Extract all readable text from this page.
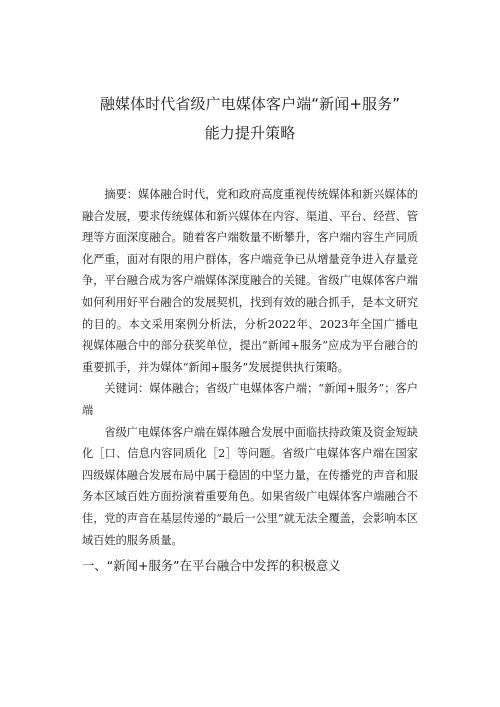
融媒体时代省级广电媒体客户端“新闻+服务”
能力提升策略

摘要：媒体融合时代，党和政府高度重视传统媒体和新兴媒体的融合发展，要求传统媒体和新兴媒体在内容、渠道、平台、经营、管理等方面深度融合。随着客户端数量不断攀升，客户端内容生产同质化严重，面对有限的用户群体，客户端竞争已从增量竞争进入存量竞争，平台融合成为客户端媒体深度融合的关键。省级广电媒体客户端如何利用好平台融合的发展契机，找到有效的融合抓手，是本文研究的目的。本文采用案例分析法，分析2022年、2023年全国广播电视媒体融合中的部分获奖单位，提出“新闻+服务”应成为平台融合的重要抓手，并为媒体“新闻+服务”发展提供执行策略。

关键词：媒体融合；省级广电媒体客户端；“新闻+服务”；客户端

省级广电媒体客户端在媒体融合发展中面临扶持政策及资金短缺化［口、信息内容同质化［2］等问题。省级广电媒体客户端在国家四级媒体融合发展布局中属于稳固的中坚力量，在传播党的声音和服务本区域百姓方面扮演着重要角色。如果省级广电媒体客户端融合不佳，党的声音在基层传递的“最后一公里”就无法全覆盖，会影响本区域百姓的服务质量。

一、“新闻+服务”在平台融合中发挥的积极意义
